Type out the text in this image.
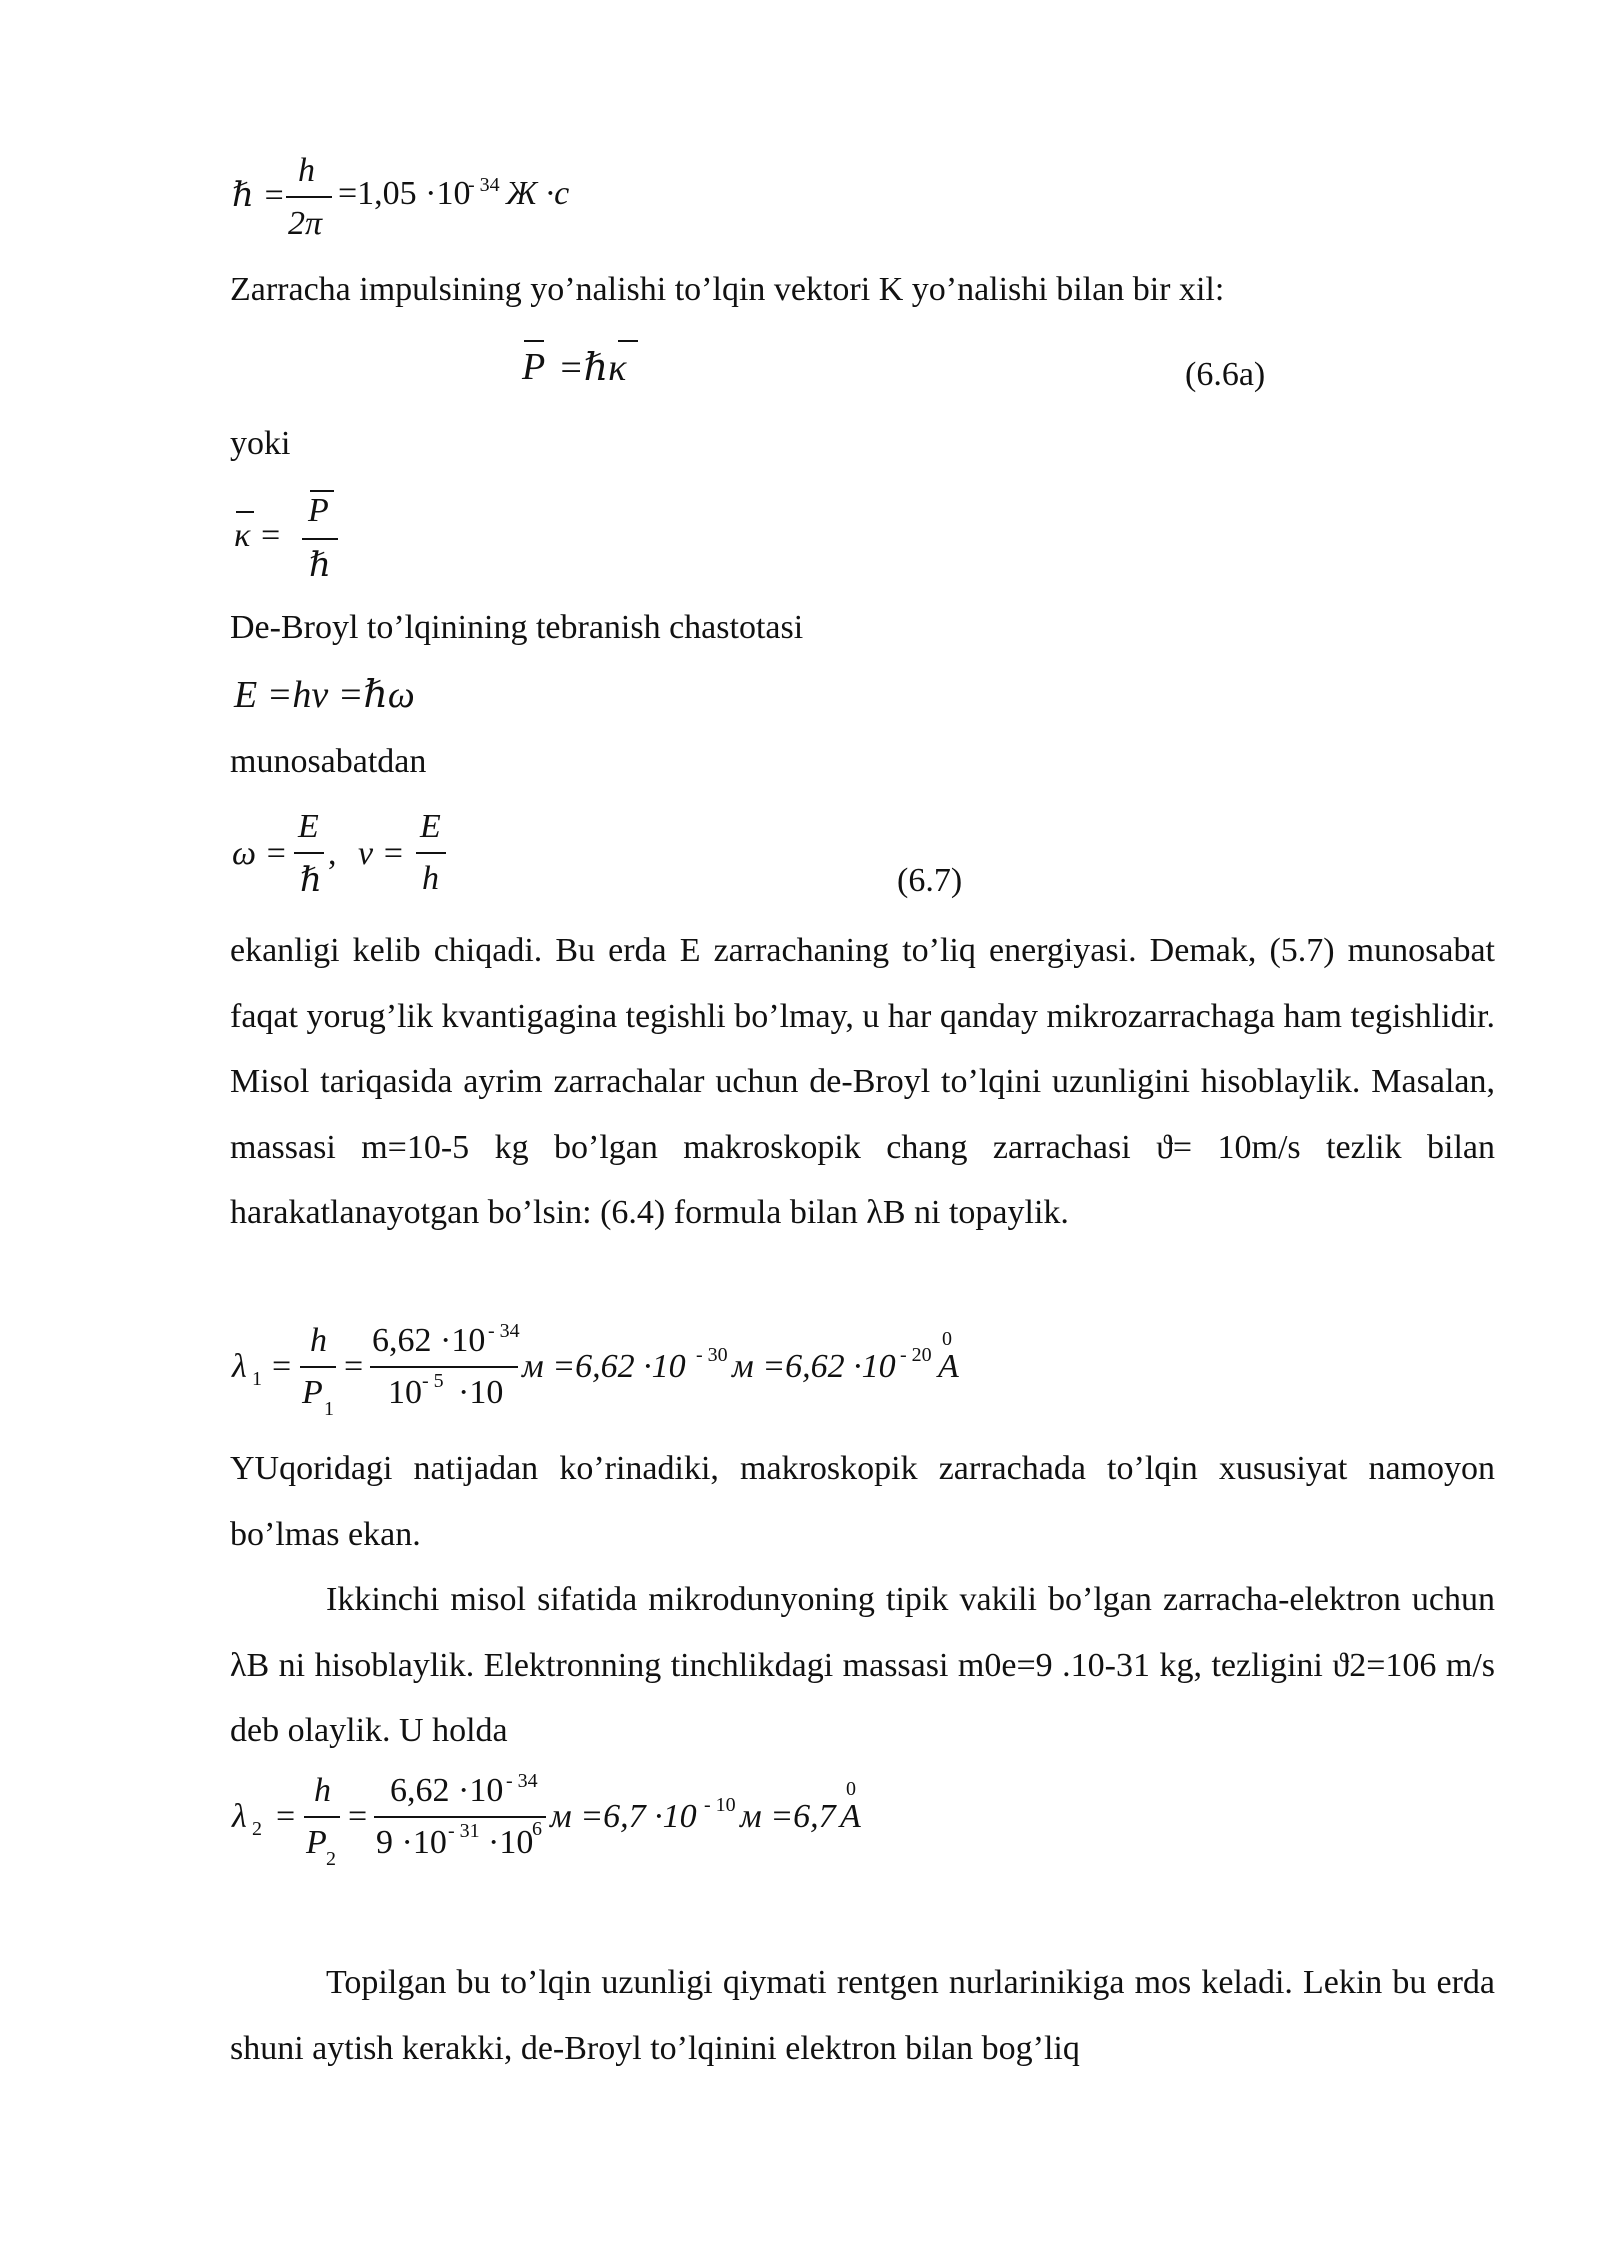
ℏ =
h
2π
=1,05 ·10
- 34 Ж ·с
Zarracha impulsining yo’nalishi to’lqin vektori K yo’nalishi bilan bir xil:
P =ℏκ	(6.6a)
yoki
κ =
P
ℏ
De-Broyl to’lqinining tebranish chastotasi
E =hν =ℏω
munosabatdan
ω =
E
ℏ
, ν =
E
h	(6.7)
ekanligi kelib chiqadi. Bu erda E zarrachaning to’liq energiyasi. Demak, (5.7) munosabat faqat yorug’lik kvantigagina tegishli bo’lmay, u har qanday mikrozarrachaga ham tegishlidir. Misol tariqasida ayrim zarrachalar uchun de-Broyl to’lqini uzunligini hisoblaylik. Masalan, massasi m=10-5 kg bo’lgan makroskopik chang zarrachasi ϑ= 10m/s tezlik bilan harakatlanayotgan bo’lsin: (6.4) formula bilan λB ni topaylik.
λ 1 =
h
P 1
=
6,62 ·10 - 34
10 - 5 ·10
м =6,62 ·10 - 30 м =6,62 ·10 - 20
0
A
YUqoridagi natijadan ko’rinadiki, makroskopik zarrachada to’lqin xususiyat namoyon bo’lmas ekan.
Ikkinchi misol sifatida mikrodunyoning tipik vakili bo’lgan zarracha-elektron uchun λB ni hisoblaylik. Elektronning tinchlikdagi massasi m0e=9 .10-31 kg, tezligini ϑ2=106 m/s deb olaylik. U holda
λ 2 =
h
P 2
=
6,62 ·10 - 34
9 ·10 - 31 ·10
6 м =6,7 ·10 - 10 м =6,7
0
A
Topilgan bu to’lqin uzunligi qiymati rentgen nurlarinikiga mos keladi. Lekin bu erda shuni aytish kerakki, de-Broyl to’lqinini elektron bilan bog’liq
